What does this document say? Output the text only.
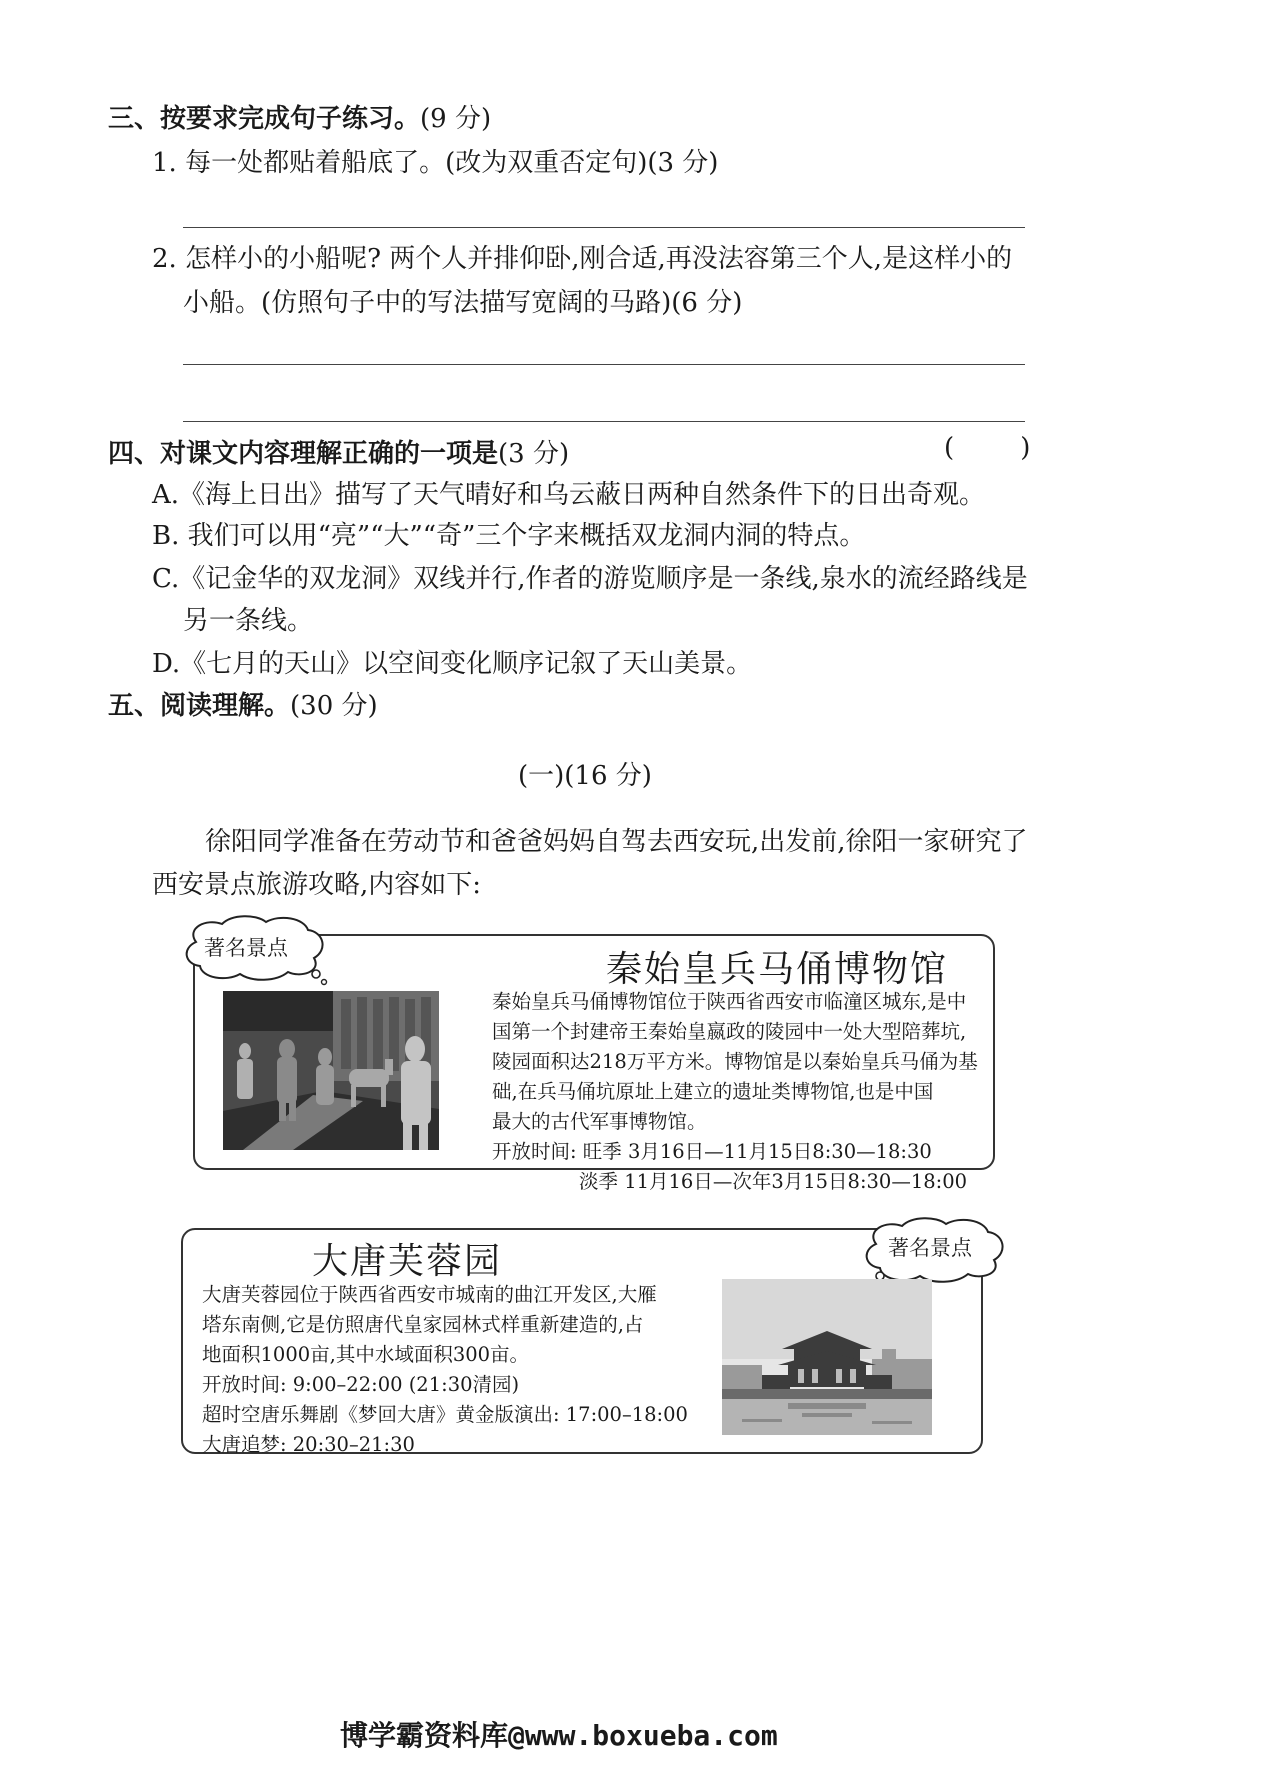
三、按要求完成句子练习。(9 分)
1. 每一处都贴着船底了。(改为双重否定句)(3 分)
2. 怎样小的小船呢? 两个人并排仰卧,刚合适,再没法容第三个人,是这样小的
小船。(仿照句子中的写法描写宽阔的马路)(6 分)
四、对课文内容理解正确的一项是(3 分)	(        )
A.《海上日出》描写了天气晴好和乌云蔽日两种自然条件下的日出奇观。
B. 我们可以用“亮”“大”“奇”三个字来概括双龙洞内洞的特点。
C.《记金华的双龙洞》双线并行,作者的游览顺序是一条线,泉水的流经路线是
另一条线。
D.《七月的天山》以空间变化顺序记叙了天山美景。
五、阅读理解。(30 分)
(一)(16 分)
徐阳同学准备在劳动节和爸爸妈妈自驾去西安玩,出发前,徐阳一家研究了
西安景点旅游攻略,内容如下:
著名景点
秦始皇兵马俑博物馆
秦始皇兵马俑博物馆位于陕西省西安市临潼区城东,是中
国第一个封建帝王秦始皇嬴政的陵园中一处大型陪葬坑,
陵园面积达218万平方米。博物馆是以秦始皇兵马俑为基
础,在兵马俑坑原址上建立的遗址类博物馆,也是中国
最大的古代军事博物馆。
开放时间: 旺季 3月16日—11月15日8:30—18:30
淡季 11月16日—次年3月15日8:30—18:00
著名景点
大唐芙蓉园
大唐芙蓉园位于陕西省西安市城南的曲江开发区,大雁
塔东南侧,它是仿照唐代皇家园林式样重新建造的,占
地面积1000亩,其中水域面积300亩。
开放时间: 9:00–22:00 (21:30清园)
超时空唐乐舞剧《梦回大唐》黄金版演出: 17:00–18:00
大唐追梦: 20:30–21:30
博学霸资料库@www.boxueba.com
